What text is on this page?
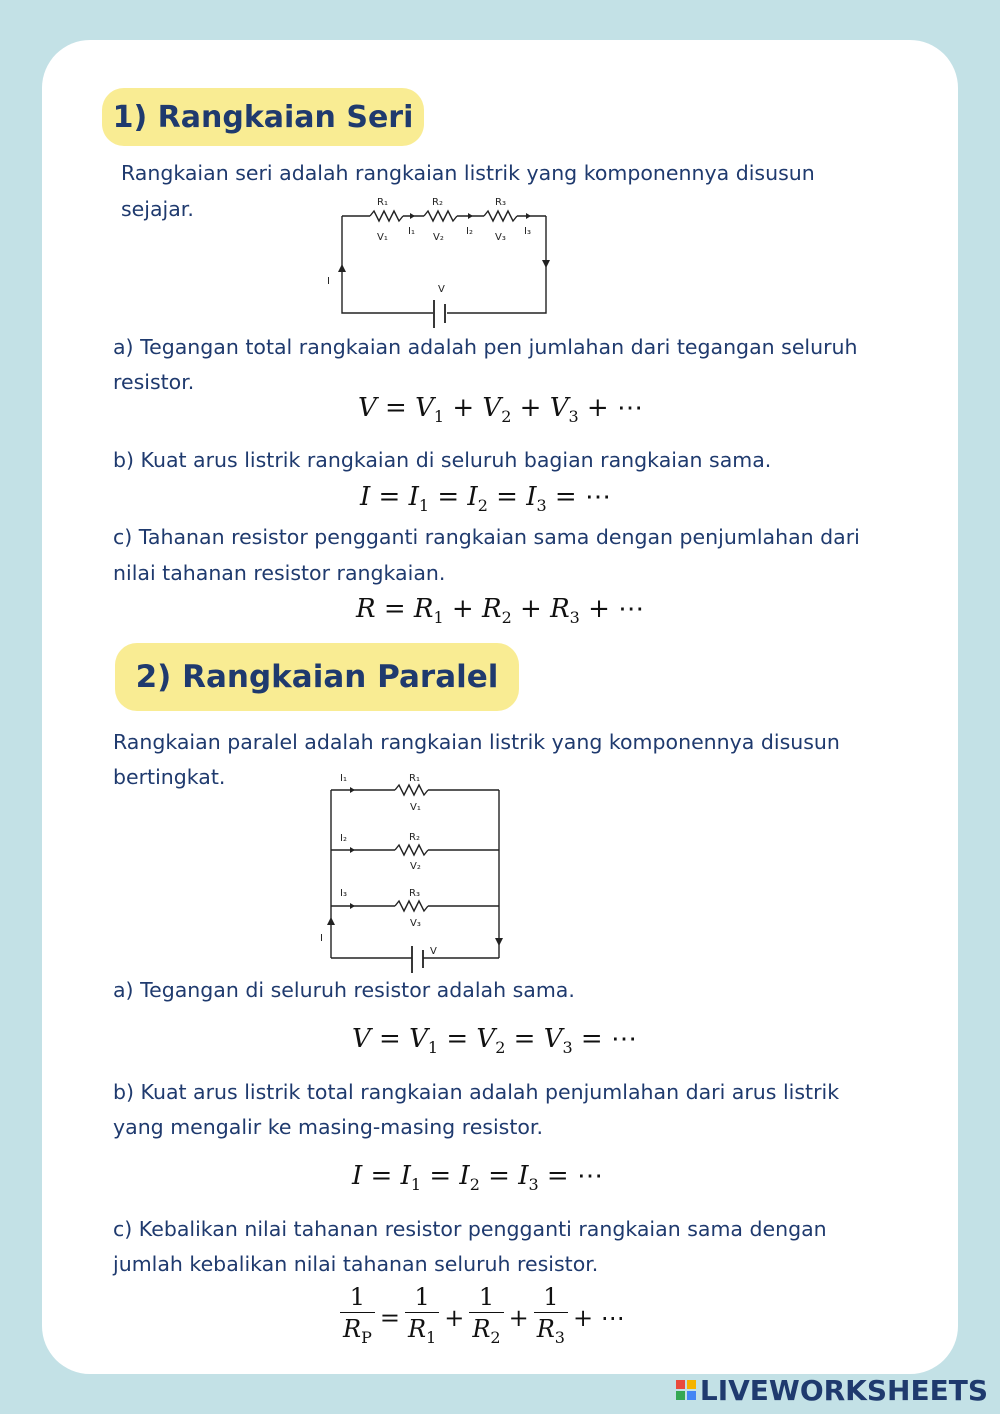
1) Rangkaian Seri
Rangkaian seri adalah rangkaian listrik yang komponennya disusun
sejajar.	R₁	R₂	R₃
V₁
I₁
V₂
I₂
V₃
I₃
I
V
a) Tegangan total rangkaian adalah pen jumlahan dari tegangan seluruh
resistor.
$V = V_1 + V_2 + V_3$ + ⋯
b) Kuat arus listrik rangkaian di seluruh bagian rangkaian sama.
$I = I_1 = I_2 = I_3$ = ⋯
c) Tahanan resistor pengganti rangkaian sama dengan penjumlahan dari
nilai tahanan resistor rangkaian.
$R = R_1 + R_2 + R_3$ + ⋯
2) Rangkaian Paralel
Rangkaian paralel adalah rangkaian listrik yang komponennya disusun
bertingkat.	I₁	R₁
V₁
I₂	R₂
V₂
I₃	R₃
V₃
I
V
a) Tegangan di seluruh resistor adalah sama.
$V = V_1 = V_2 = V_3$ = ⋯
b) Kuat arus listrik total rangkaian adalah penjumlahan dari arus listrik
yang mengalir ke masing-masing resistor.
$I = I_1 = I_2 = I_3$ = ⋯
c) Kebalikan nilai tahanan resistor pengganti rangkaian sama dengan
jumlah kebalikan nilai tahanan seluruh resistor.
$\frac{1}{R_P} = \frac{1}{R_1} + \frac{1}{R_2} + \frac{1}{R_3}$ + ⋯
LIVEWORKSHEETS
